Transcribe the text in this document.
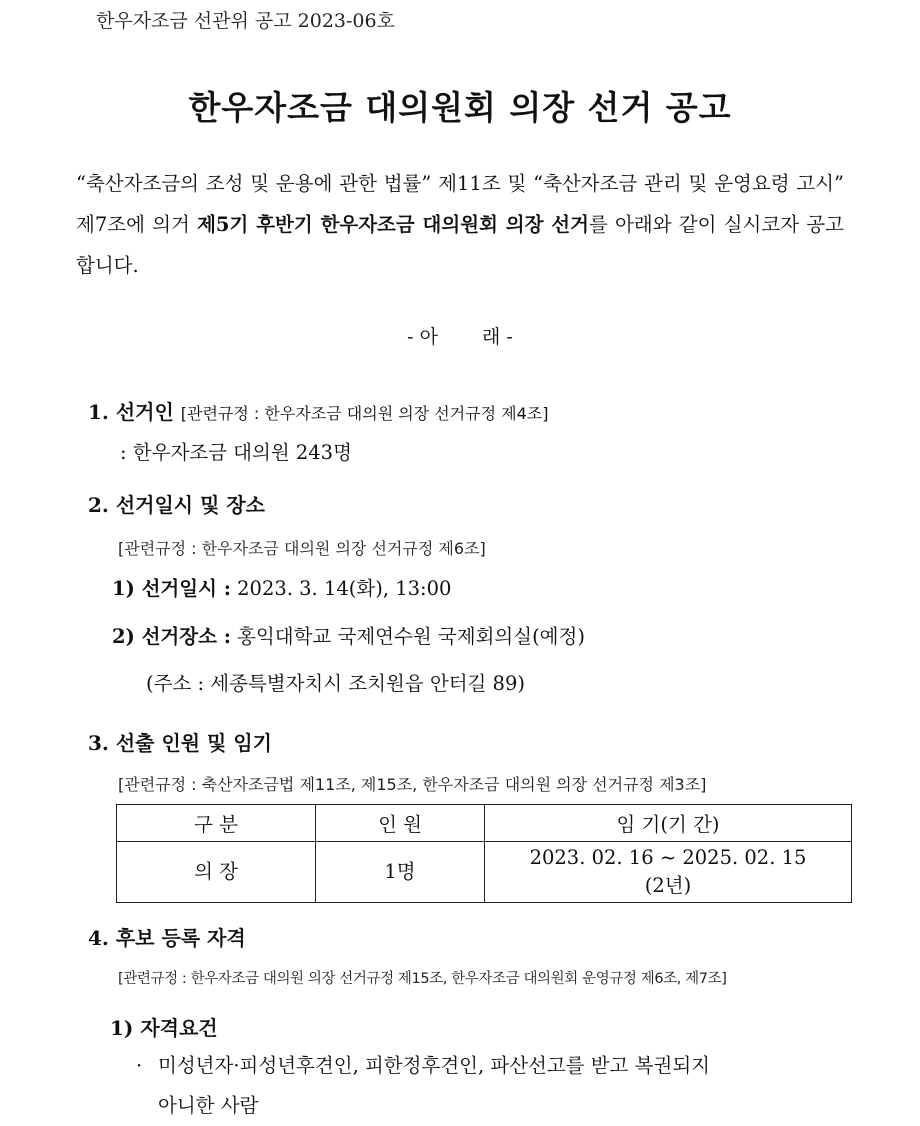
한우자조금 선관위 공고 2023-06호
한우자조금 대의원회 의장 선거 공고
“축산자조금의 조성 및 운용에 관한 법률” 제11조 및 “축산자조금 관리 및 운영요령 고시” 제7조에 의거 제5기 후반기 한우자조금 대의원회 의장 선거를 아래와 같이 실시코자 공고합니다.
- 아 래 -
1. 선거인 [관련규정 : 한우자조금 대의원 의장 선거규정 제4조]
: 한우자조금 대의원 243명
2. 선거일시 및 장소
[관련규정 : 한우자조금 대의원 의장 선거규정 제6조]
1) 선거일시 : 2023. 3. 14(화), 13:00
2) 선거장소 : 홍익대학교 국제연수원 국제회의실(예정)
(주소 : 세종특별자치시 조치원읍 안터길 89)
3. 선출 인원 및 임기
[관련규정 : 축산자조금법 제11조, 제15조, 한우자조금 대의원 의장 선거규정 제3조]
구 분	인 원	임 기(기 간)
의 장	1명	2023. 02. 16 ~ 2025. 02. 15
(2년)
4. 후보 등록 자격
[관련규정 : 한우자조금 대의원 의장 선거규정 제15조, 한우자조금 대의원회 운영규정 제6조, 제7조]
1) 자격요건
· 미성년자·피성년후견인, 피한정후견인, 파산선고를 받고 복권되지
아니한 사람
